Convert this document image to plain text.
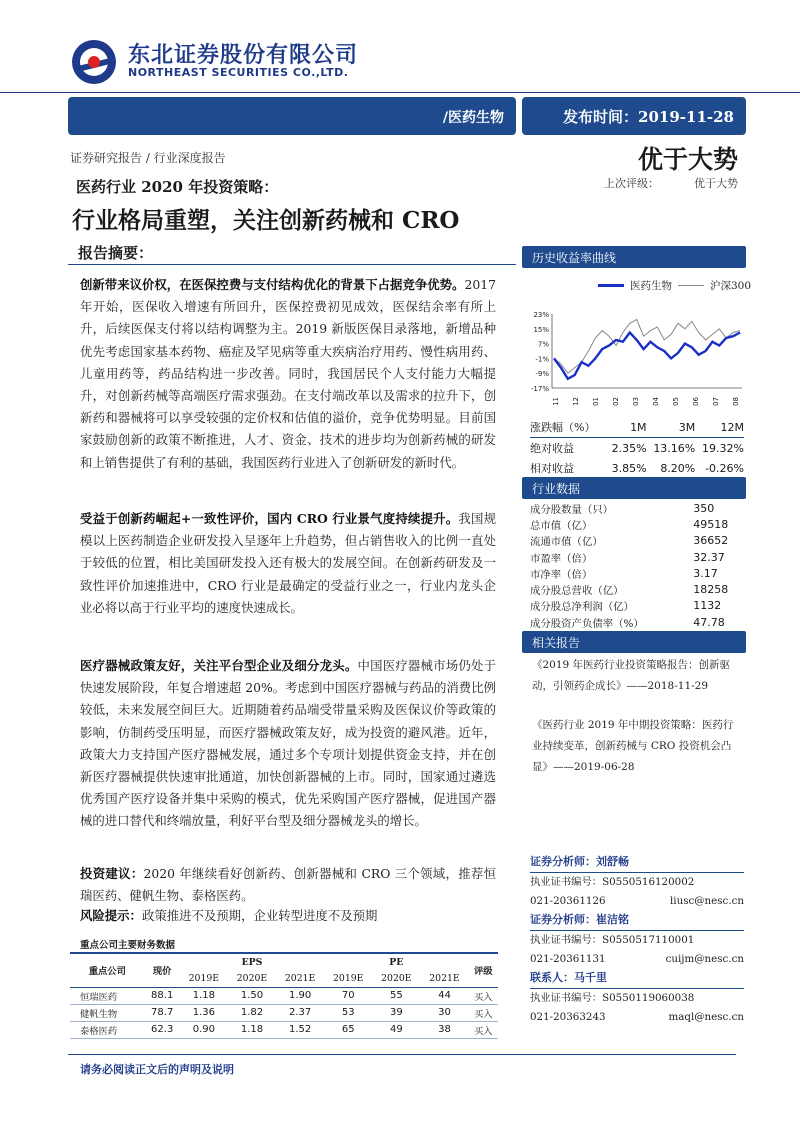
东北证券股份有限公司
NORTHEAST SECURITIES CO.,LTD.
/医药生物	发布时间：2019-11-28
证券研究报告 / 行业深度报告	优于大势
上次评级：	优于大势
医药行业 2020 年投资策略：
行业格局重塑，关注创新药械和 CRO
报告摘要：
创新带来议价权，在医保控费与支付结构优化的背景下占据竞争优势。2017 年开始，医保收入增速有所回升，医保控费初见成效，医保结余率有所上升，后续医保支付将以结构调整为主。2019 新版医保目录落地，新增品种优先考虑国家基本药物、癌症及罕见病等重大疾病治疗用药、慢性病用药、儿童用药等，药品结构进一步改善。同时，我国居民个人支付能力大幅提升，对创新药械等高端医疗需求强劲。在支付端改革以及需求的拉升下，创新药和器械将可以享受较强的定价权和估值的溢价，竞争优势明显。目前国家鼓励创新的政策不断推进，人才、资金、技术的进步均为创新药械的研发和上销售提供了有利的基础，我国医药行业进入了创新研发的新时代。
受益于创新药崛起+一致性评价，国内 CRO 行业景气度持续提升。我国规模以上医药制造企业研发投入呈逐年上升趋势，但占销售收入的比例一直处于较低的位置，相比美国研发投入还有极大的发展空间。在创新药研发及一致性评价加速推进中，CRO 行业是最确定的受益行业之一，行业内龙头企业必将以高于行业平均的速度快速成长。
医疗器械政策友好，关注平台型企业及细分龙头。中国医疗器械市场仍处于快速发展阶段，年复合增速超 20%。考虑到中国医疗器械与药品的消费比例较低，未来发展空间巨大。近期随着药品端受带量采购及医保议价等政策的影响，仿制药受压明显，而医疗器械政策友好，成为投资的避风港。近年，政策大力支持国产医疗器械发展，通过多个专项计划提供资金支持，并在创新医疗器械提供快速审批通道，加快创新器械的上市。同时，国家通过遴选优秀国产医疗设备并集中采购的模式，优先采购国产医疗器械，促进国产器械的进口替代和终端放量，利好平台型及细分器械龙头的增长。
投资建议：2020 年继续看好创新药、创新器械和 CRO 三个领域，推荐恒瑞医药、健帆生物、泰格医药。
风险提示：政策推进不及预期，企业转型进度不及预期
历史收益率曲线
医药生物	沪深300
23%
15%
7%
-1%
-9%
-17%
11 12 01 02 03 04 05 06 07 08
涨跌幅（%）	1M	3M	12M
绝对收益	2.35%	13.16%	19.32%
相对收益	3.85%	8.20%	-0.26%
行业数据
成分股数量（只）	350
总市值（亿）	49518
流通市值（亿）	36652
市盈率（倍）	32.37
市净率（倍）	3.17
成分股总营收（亿）	18258
成分股总净利润（亿）	1132
成分股资产负债率（%）	47.78
相关报告
《2019 年医药行业投资策略报告：创新驱动，引领药企成长》——2018-11-29
《医药行业 2019 年中期投资策略：医药行业持续变革，创新药械与 CRO 投资机会凸显》——2019-06-28
证券分析师：刘舒畅
执业证书编号：S0550516120002
021-20361126	liusc@nesc.cn
证券分析师：崔洁铭
执业证书编号：S0550517110001
021-20361131	cuijm@nesc.cn
联系人：马千里
执业证书编号：S0550119060038
021-20363243	maql@nesc.cn
重点公司主要财务数据
重点公司	现价	EPS			PE			评级
		2019E	2020E	2021E	2019E	2020E	2021E	
恒瑞医药	88.1	1.18	1.50	1.90	70	55	44	买入
健帆生物	78.7	1.36	1.82	2.37	53	39	30	买入
泰格医药	62.3	0.90	1.18	1.52	65	49	38	买入
请务必阅读正文后的声明及说明
